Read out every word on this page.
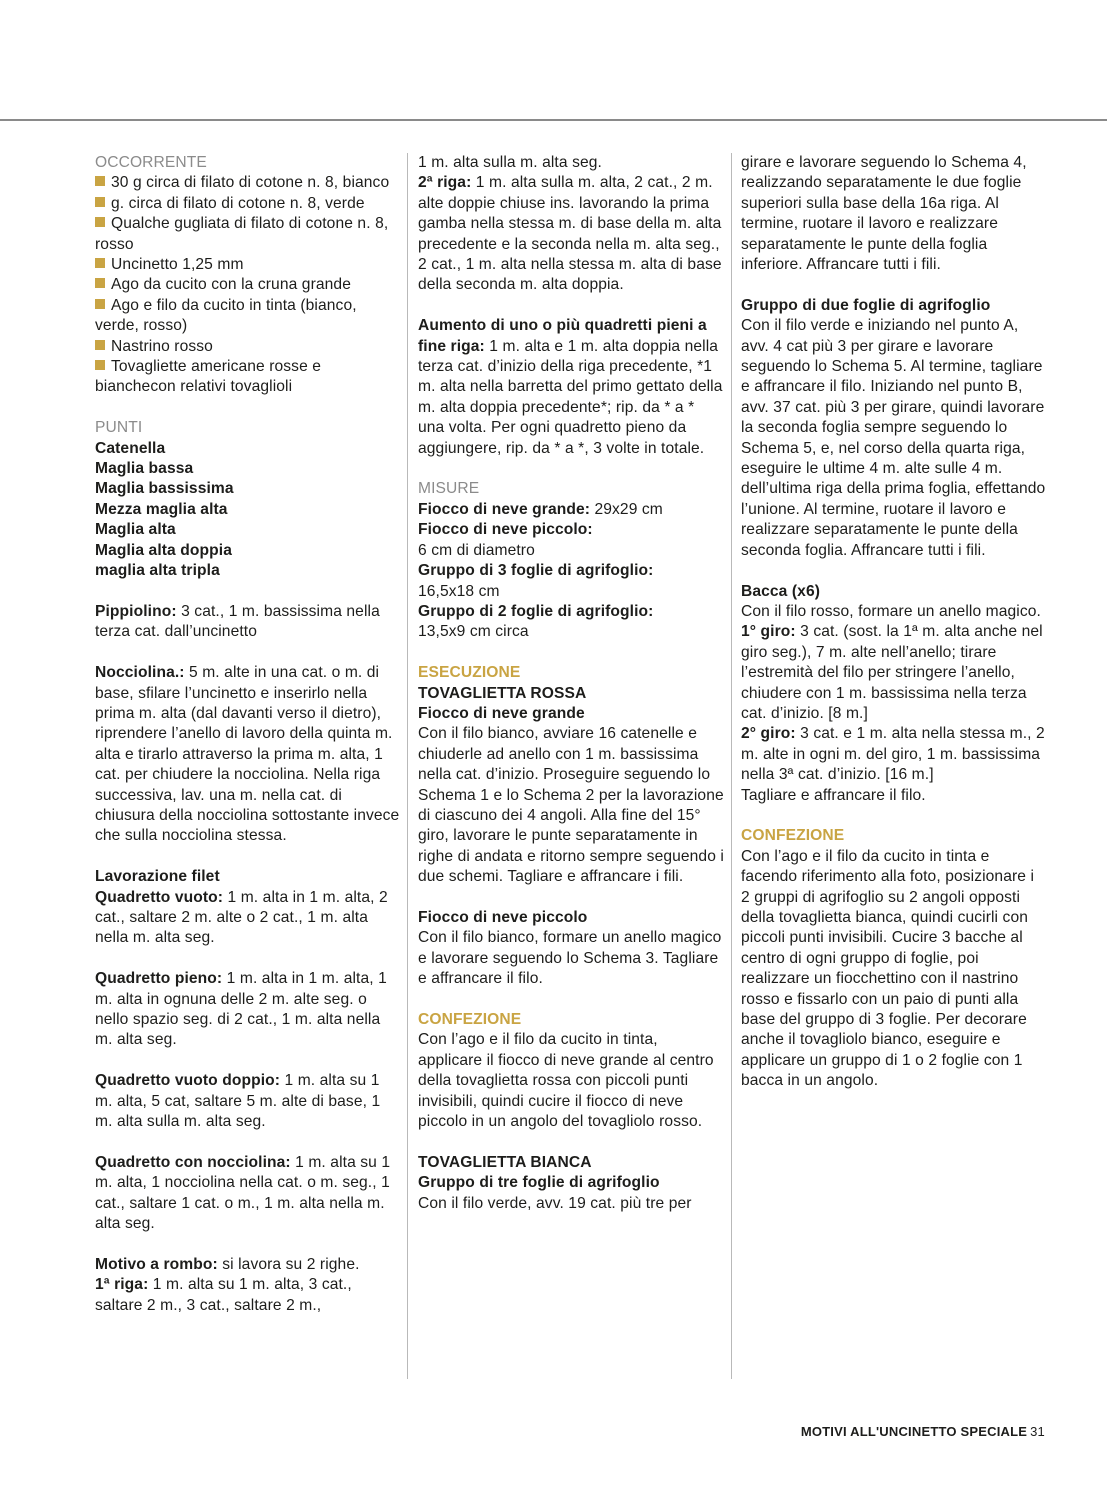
OCCORRENTE
30 g circa di filato di cotone n. 8, bianco
g. circa di filato di cotone n. 8, verde
Qualche gugliata di filato di cotone n. 8, rosso
Uncinetto 1,25 mm
Ago da cucito con la cruna grande
Ago e filo da cucito in tinta (bianco, verde, rosso)
Nastrino rosso
Tovagliette americane rosse e bianchecon relativi tovaglioli
PUNTI
Catenella
Maglia bassa
Maglia bassissima
Mezza maglia alta
Maglia alta
Maglia alta doppia
maglia alta tripla
Pippiolino: 3 cat., 1 m. bassissima nella terza cat. dall’uncinetto
Nocciolina.: 5 m. alte in una cat. o m. di base, sfilare l’uncinetto e inserirlo nella prima m. alta (dal davanti verso il dietro), riprendere l’anello di lavoro della quinta m. alta e tirarlo attraverso la prima m. alta, 1 cat. per chiudere la nocciolina. Nella riga successiva, lav. una m. nella cat. di chiusura della nocciolina sottostante invece che sulla nocciolina stessa.
Lavorazione filet
Quadretto vuoto: 1 m. alta in 1 m. alta, 2 cat., saltare 2 m. alte o 2 cat., 1 m. alta nella m. alta seg.
Quadretto pieno: 1 m. alta in 1 m. alta, 1 m. alta in ognuna delle 2 m. alte seg. o nello spazio seg. di 2 cat., 1 m. alta nella m. alta seg.
Quadretto vuoto doppio: 1 m. alta su 1 m. alta, 5 cat, saltare 5 m. alte di base, 1 m. alta sulla m. alta seg.
Quadretto con nocciolina: 1 m. alta su 1 m. alta, 1 nocciolina nella cat. o m. seg., 1 cat., saltare 1 cat. o m., 1 m. alta nella m. alta seg.
Motivo a rombo: si lavora su 2 righe.
1ª riga: 1 m. alta su 1 m. alta, 3 cat., saltare 2 m., 3 cat., saltare 2 m.,
1 m. alta sulla m. alta seg.
2ª riga: 1 m. alta sulla m. alta, 2 cat., 2 m. alte doppie chiuse ins. lavorando la prima gamba nella stessa m. di base della m. alta precedente e la seconda nella m. alta seg., 2 cat., 1 m. alta nella stessa m. alta di base della seconda m. alta doppia.
Aumento di uno o più quadretti pieni a fine riga: 1 m. alta e 1 m. alta doppia nella terza cat. d’inizio della riga precedente, *1 m. alta nella barretta del primo gettato della m. alta doppia precedente*; rip. da * a * una volta. Per ogni quadretto pieno da aggiungere, rip. da * a *, 3 volte in totale.
MISURE
Fiocco di neve grande: 29x29 cm
Fiocco di neve piccolo:
6 cm di diametro
Gruppo di 3 foglie di agrifoglio:
16,5x18 cm
Gruppo di 2 foglie di agrifoglio:
13,5x9 cm circa
ESECUZIONE
TOVAGLIETTA ROSSA
Fiocco di neve grande
Con il filo bianco, avviare 16 catenelle e chiuderle ad anello con 1 m. bassissima nella cat. d’inizio. Proseguire seguendo lo Schema 1 e lo Schema 2 per la lavorazione di ciascuno dei 4 angoli. Alla fine del 15° giro, lavorare le punte separatamente in righe di andata e ritorno sempre seguendo i due schemi. Tagliare e affrancare i fili.
Fiocco di neve piccolo
Con il filo bianco, formare un anello magico e lavorare seguendo lo Schema 3. Tagliare e affrancare il filo.
CONFEZIONE
Con l’ago e il filo da cucito in tinta, applicare il fiocco di neve grande al centro della tovaglietta rossa con piccoli punti invisibili, quindi cucire il fiocco di neve piccolo in un angolo del tovagliolo rosso.
TOVAGLIETTA BIANCA
Gruppo di tre foglie di agrifoglio
Con il filo verde, avv. 19 cat. più tre per
girare e lavorare seguendo lo Schema 4, realizzando separatamente le due foglie superiori sulla base della 16a riga. Al termine, ruotare il lavoro e realizzare separatamente le punte della foglia inferiore. Affrancare tutti i fili.
Gruppo di due foglie di agrifoglio
Con il filo verde e iniziando nel punto A, avv. 4 cat più 3 per girare e lavorare seguendo lo Schema 5. Al termine, tagliare e affrancare il filo. Iniziando nel punto B, avv. 37 cat. più 3 per girare, quindi lavorare la seconda foglia sempre seguendo lo Schema 5, e, nel corso della quarta riga, eseguire le ultime 4 m. alte sulle 4 m. dell’ultima riga della prima foglia, effettando l’unione. Al termine, ruotare il lavoro e realizzare separatamente le punte della seconda foglia. Affrancare tutti i fili.
Bacca (x6)
Con il filo rosso, formare un anello magico.
1° giro: 3 cat. (sost. la 1ª m. alta anche nel giro seg.), 7 m. alte nell’anello; tirare l’estremità del filo per stringere l’anello, chiudere con 1 m. bassissima nella terza cat. d’inizio. [8 m.]
2° giro: 3 cat. e 1 m. alta nella stessa m., 2 m. alte in ogni m. del giro, 1 m. bassissima nella 3ª cat. d’inizio. [16 m.]
Tagliare e affrancare il filo.
CONFEZIONE
Con l’ago e il filo da cucito in tinta e facendo riferimento alla foto, posizionare i 2 gruppi di agrifoglio su 2 angoli opposti della tovaglietta bianca, quindi cucirli con piccoli punti invisibili. Cucire 3 bacche al centro di ogni gruppo di foglie, poi realizzare un fiocchettino con il nastrino rosso e fissarlo con un paio di punti alla base del gruppo di 3 foglie. Per decorare anche il tovagliolo bianco, eseguire e applicare un gruppo di 1 o 2 foglie con 1 bacca in un angolo.
MOTIVI ALL'UNCINETTO SPECIALE 31
